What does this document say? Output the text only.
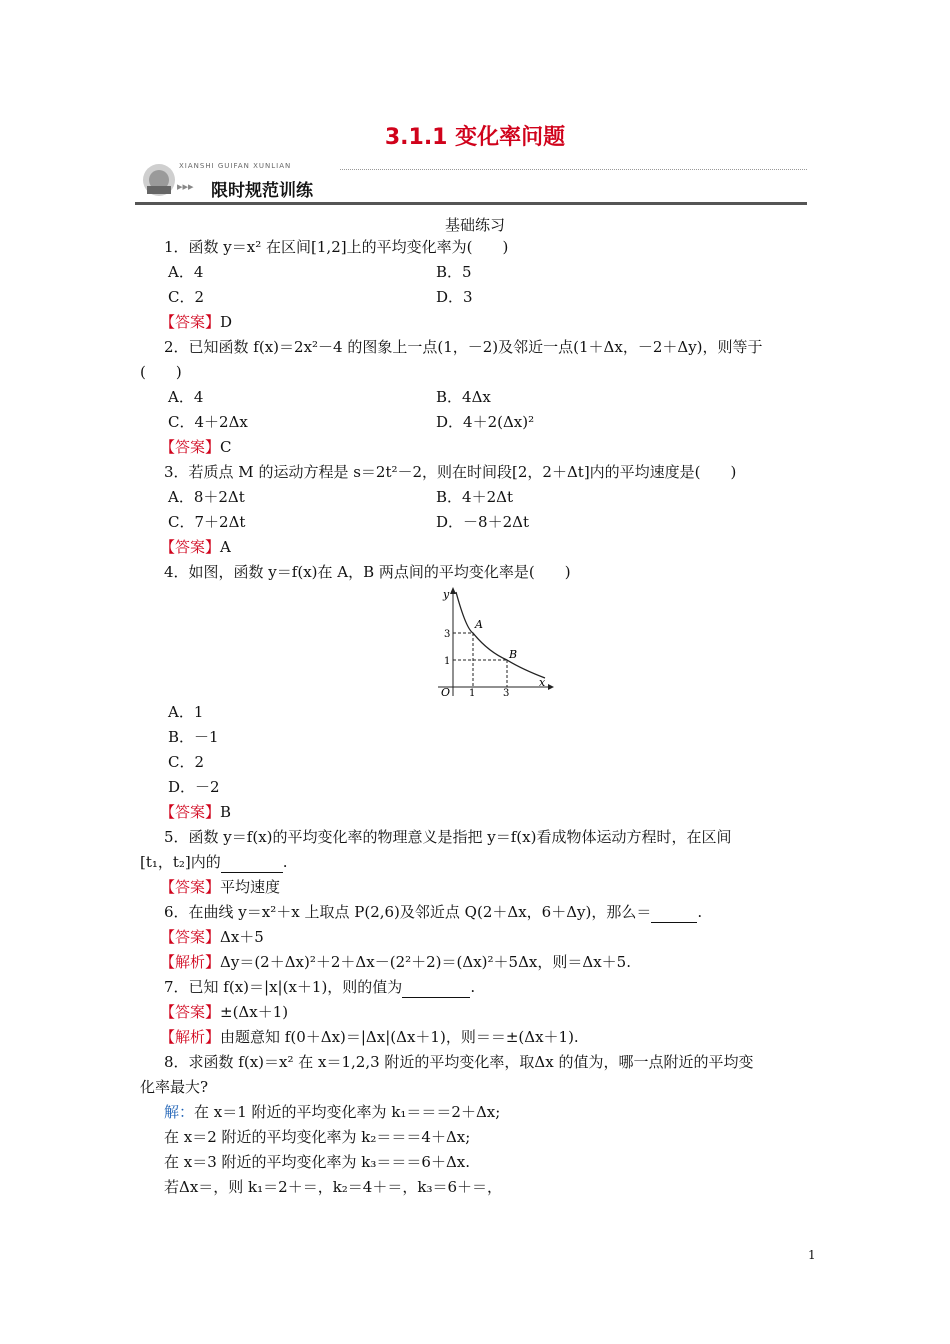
3.1.1 变化率问题
XIANSHI GUIFAN XUNLIAN
▸▸▸ 限时规范训练
基础练习
1．函数 y＝x² 在区间[1,2]上的平均变化率为(　　)
A．4	B．5
C．2	D．3
【答案】D
2．已知函数 f(x)＝2x²－4 的图象上一点(1，－2)及邻近一点(1＋Δx，－2＋Δy)，则等于
(　　)
A．4	B．4Δx
C．4＋2Δx	D．4＋2(Δx)²
【答案】C
3．若质点 M 的运动方程是 s＝2t²－2，则在时间段[2，2＋Δt]内的平均速度是(　　)
A．8＋2Δt	B．4＋2Δt
C．7＋2Δt	D．－8＋2Δt
【答案】A
4．如图，函数 y＝f(x)在 A，B 两点间的平均变化率是(　　)
y
x
O 1	3
1
3
A
B
A．1
B．－1
C．2
D．－2
【答案】B
5．函数 y＝f(x)的平均变化率的物理意义是指把 y＝f(x)看成物体运动方程时，在区间
[t₁，t₂]内的	.
【答案】平均速度
6．在曲线 y＝x²＋x 上取点 P(2,6)及邻近点 Q(2＋Δx，6＋Δy)，那么＝	.
【答案】Δx＋5
【解析】Δy＝(2＋Δx)²＋2＋Δx－(2²＋2)＝(Δx)²＋5Δx，则＝Δx＋5.
7．已知 f(x)＝|x|(x＋1)，则的值为	.
【答案】±(Δx＋1)
【解析】由题意知 f(0＋Δx)＝|Δx|(Δx＋1)，则＝＝±(Δx＋1).
8．求函数 f(x)＝x² 在 x＝1,2,3 附近的平均变化率，取Δx 的值为，哪一点附近的平均变
化率最大?
解：在 x＝1 附近的平均变化率为 k₁＝＝＝2＋Δx;
在 x＝2 附近的平均变化率为 k₂＝＝＝4＋Δx;
在 x＝3 附近的平均变化率为 k₃＝＝＝6＋Δx.
若Δx＝，则 k₁＝2＋＝，k₂＝4＋＝，k₃＝6＋＝，
1
